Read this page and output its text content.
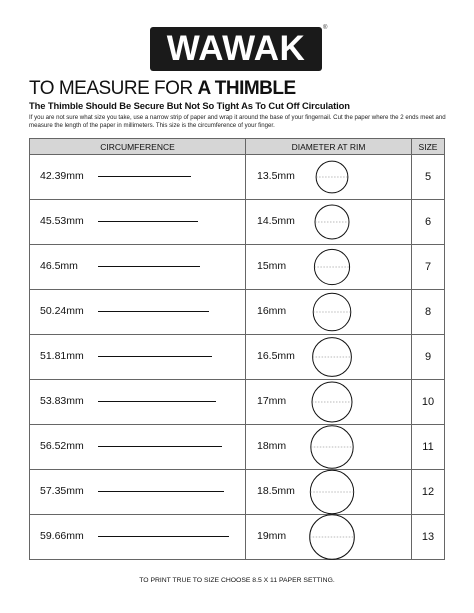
WAWAK
®
TO MEASURE FOR A THIMBLE
The Thimble Should Be Secure But Not So Tight As To Cut Off Circulation
If you are not sure what size you take, use a narrow strip of paper and wrap it around the base of your fingernail. Cut the paper where the 2 ends meet and measure the length of the paper in millimeters. This size is the circumference of your finger.
CIRCUMFERENCE	DIAMETER AT RIM	SIZE

42.39mm	13.5mm	5

45.53mm	14.5mm	6

46.5mm	15mm	7

50.24mm	16mm	8

51.81mm	16.5mm	9

53.83mm	17mm	10

56.52mm	18mm	11

57.35mm	18.5mm	12

59.66mm	19mm	13
TO PRINT TRUE TO SIZE CHOOSE 8.5 X 11 PAPER SETTING.
